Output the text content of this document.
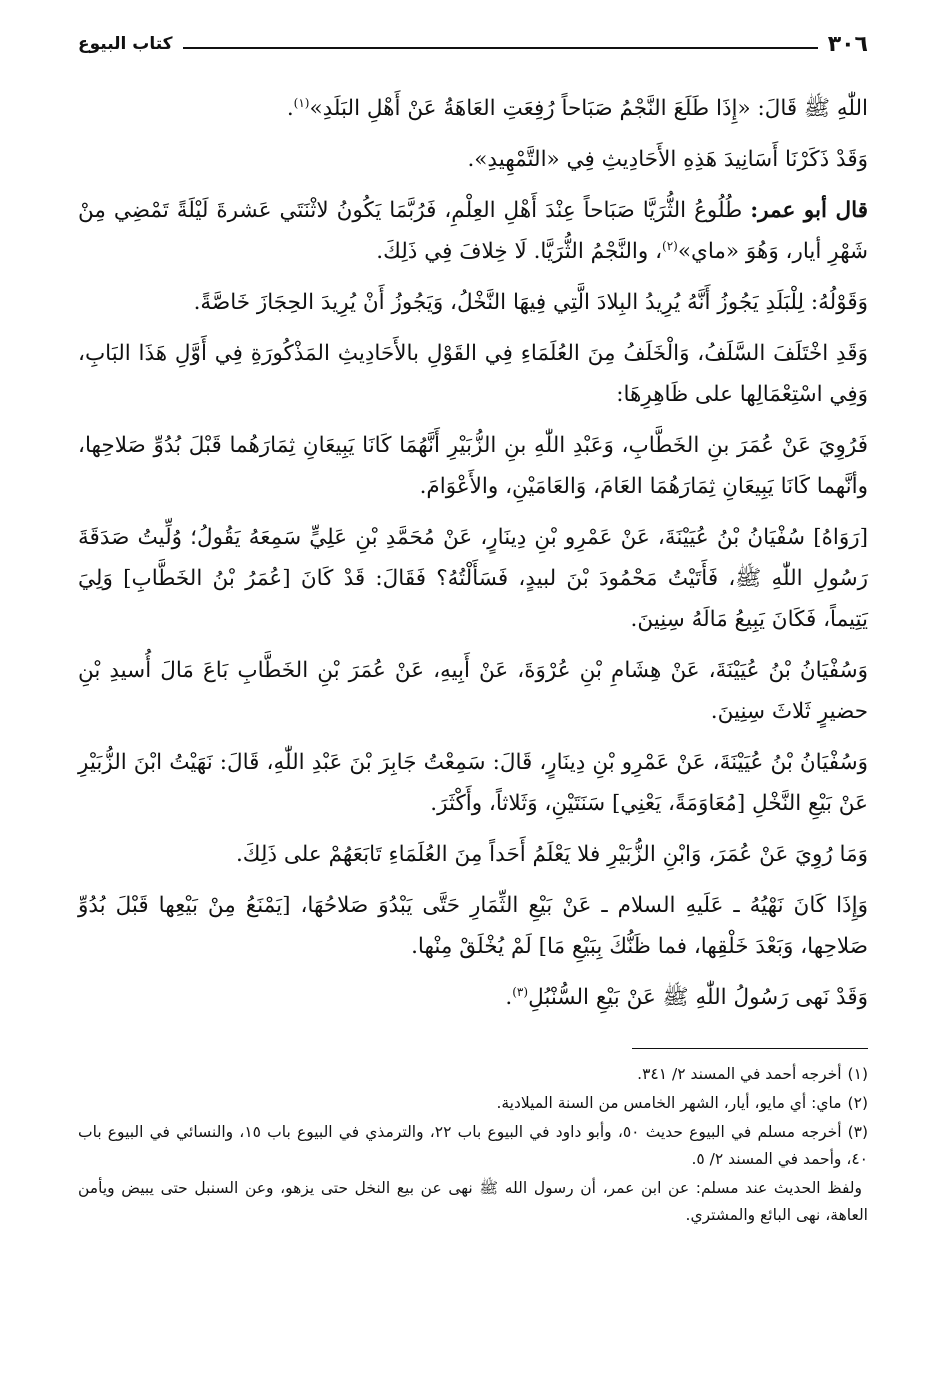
٣٠٦
كتاب البيوع

اللّٰهِ ﷺ قَالَ: «إِذَا طَلَعَ النَّجْمُ صَبَاحاً رُفِعَتِ العَاهَةُ عَنْ أَهْلِ البَلَدِ»$^{(١)}$.

وَقَدْ ذَكَرْنَا أَسَانِيدَ هَذِهِ الأَحَادِيثِ فِي «التَّمْهِيدِ».

قال أبو عمر: طُلُوعُ الثُّرَيَّا صَبَاحاً عِنْدَ أَهْلِ العِلْمِ، فَرُبَّمَا يَكُونُ لاثْنَتَي عَشرةَ لَيْلَةً تَمْضِي مِنْ شَهْرِ أيار، وَهُوَ «ماي»$^{(٢)}$، والنَّجْمُ الثُّرَيَّا. لَا خِلافَ فِي ذَلِكَ.

وَقَوْلُهُ: لِلْبَلَدِ يَجُوزُ أَنَّهُ يُرِيدُ البِلادَ الَّتِي فِيهَا النَّخْلُ، وَيَجُوزُ أَنْ يُرِيدَ الحِجَازَ خَاصَّةً.

وَقَدِ اخْتَلَفَ السَّلَفُ، وَالْخَلَفُ مِنَ العُلَمَاءِ فِي القَوْلِ بالأَحَادِيثِ المَذْكُورَةِ فِي أَوَّلِ هَذَا البَابِ، وَفِي اسْتِعْمَالِها على ظَاهِرِهَا:

فَرُوِيَ عَنْ عُمَرَ بنِ الخَطَّابِ، وَعَبْدِ اللّٰهِ بنِ الزُّبَيْرِ أَنَّهُمَا كَانَا يَبِيعَانِ ثِمَارَهُما قَبْلَ بُدُوِّ صَلاحِها، وأنَّهما كَانَا يَبِيعَانِ ثِمَارَهُمَا العَامَ، وَالعَامَيْنِ، والأَعْوَامَ.

[رَوَاهُ] سُفْيَانُ بْنُ عُيَيْنَةَ، عَنْ عَمْرِو بْنِ دِينَارٍ، عَنْ مُحَمَّدِ بْنِ عَلِيٍّ سَمِعَهُ يَقُولُ؛ وُلِّيتُ صَدَقَةَ رَسُولِ اللّٰهِ ﷺ، فَأَتَيْتُ مَحْمُودَ بْنَ لبيدٍ، فَسَأَلْتُهُ؟ فَقَالَ: قَدْ كَانَ [عُمَرُ بْنُ الخَطَّابِ] وَلِيَ يَتِيماً، فَكَانَ يَبِيعُ مَالَهُ سِنِينَ.

وَسُفْيَانُ بْنُ عُيَيْنَةَ، عَنْ هِشَامِ بْنِ عُرْوَةَ، عَنْ أَبِيهِ، عَنْ عُمَرَ بْنِ الخَطَّابِ بَاعَ مَالَ أُسيدِ بْنِ حضيرٍ ثَلاثَ سِنِينَ.

وَسُفْيَانُ بْنُ عُيَيْنَةَ، عَنْ عَمْرِو بْنِ دِينَارٍ، قَالَ: سَمِعْتُ جَابِرَ بْنَ عَبْدِ اللّٰهِ، قَالَ: نَهَيْتُ ابْنَ الزُّبَيْرِ عَنْ بَيْعِ النَّخْلِ [مُعَاوَمَةً، يَعْنِي] سَنَتَيْنِ، وَثَلاثاً، وأَكْثَرَ.

وَمَا رُوِيَ عَنْ عُمَرَ، وَابْنِ الزُّبَيْرِ فلا يَعْلَمُ أَحَداً مِنَ العُلَمَاءِ تَابَعَهُمْ على ذَلِكَ.

وَإِذَا كَانَ نَهْيُهُ ـ عَلَيهِ السلام ـ عَنْ بَيْعِ الثِّمَارِ حَتَّى يَبْدُوَ صَلاحُهَا، [يَمْنَعُ مِنْ بَيْعِها قَبْلَ بُدُوِّ صَلاحِها، وَبَعْدَ خَلْقِها، فما ظَنُّكَ بِبَيْعِ مَا] لَمْ يُخْلَقْ مِنْها.

وَقَدْ نَهى رَسُولُ اللّٰهِ ﷺ عَنْ بَيْعِ السُّنْبُلِ$^{(٣)}$.

(١)أخرجه أحمد في المسند ٢/ ٣٤١.

(٢)ماي: أي مايو، أيار، الشهر الخامس من السنة الميلادية.

(٣)أخرجه مسلم في البيوع حديث ٥٠، وأبو داود في البيوع باب ٢٢، والترمذي في البيوع باب ١٥، والنسائي في البيوع باب ٤٠، وأحمد في المسند ٢/ ٥.

ولفظ الحديث عند مسلم: عن ابن عمر، أن رسول الله ﷺ نهى عن بيع النخل حتى يزهو، وعن السنبل حتى يبيض ويأمن العاهة، نهى البائع والمشتري.
